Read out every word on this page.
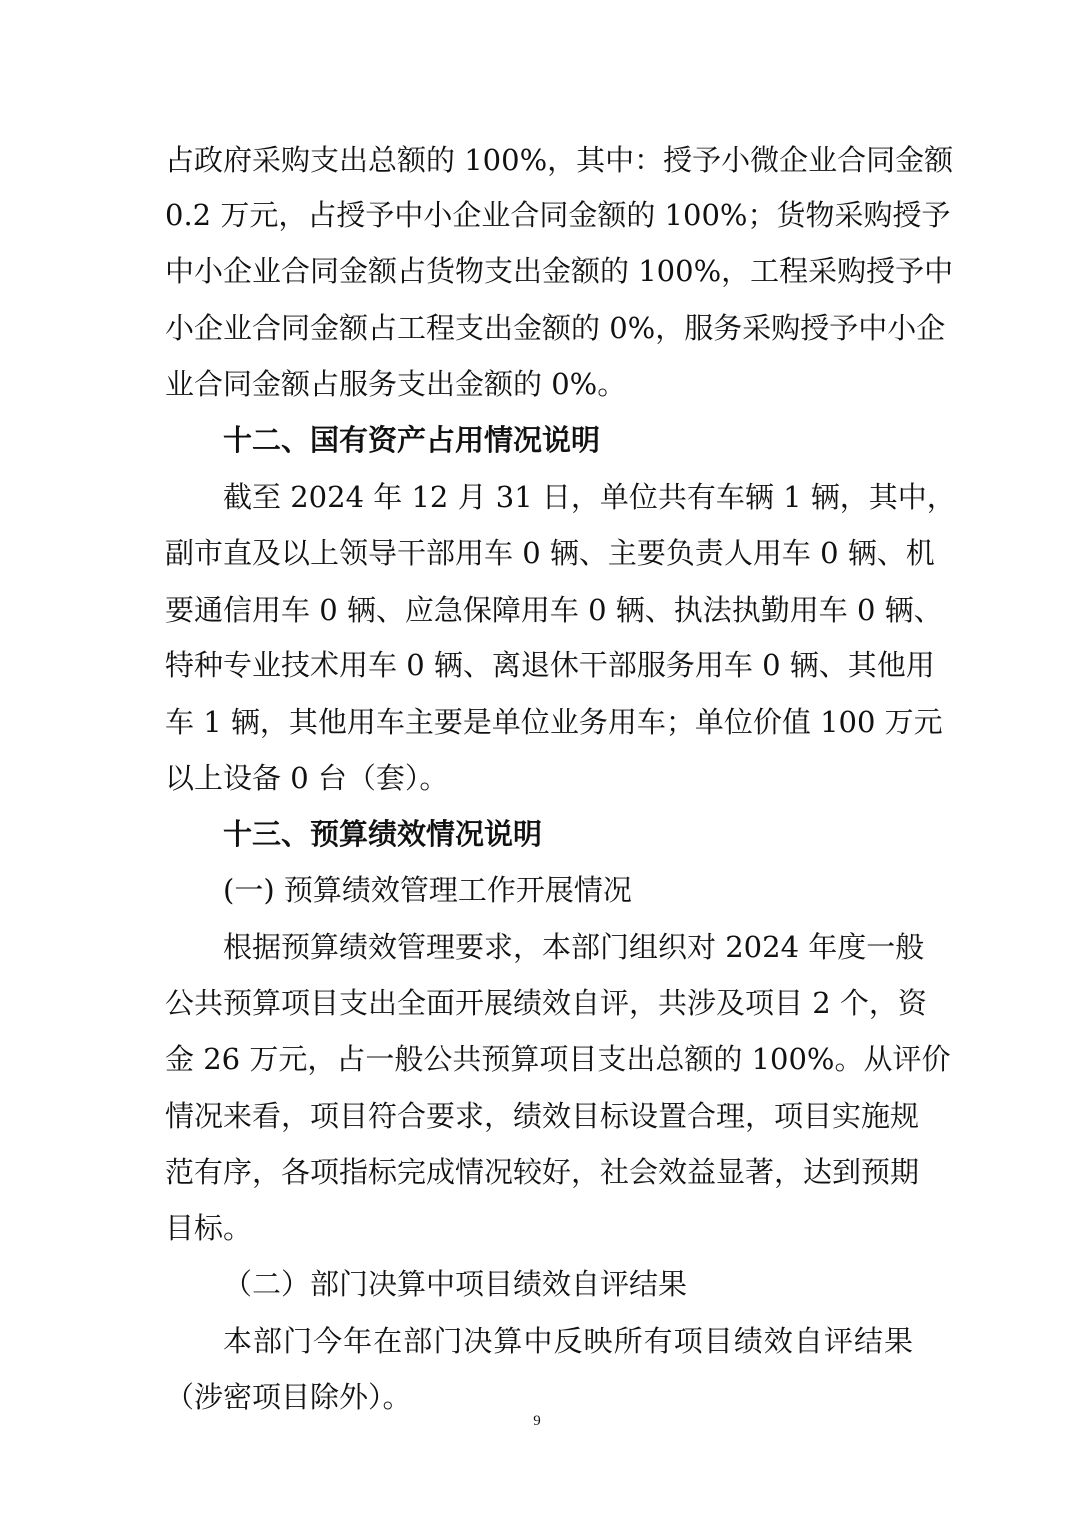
占政府采购支出总额的 100%，其中：授予小微企业合同金额
0.2 万元，占授予中小企业合同金额的 100%；货物采购授予
中小企业合同金额占货物支出金额的 100%，工程采购授予中
小企业合同金额占工程支出金额的 0%，服务采购授予中小企
业合同金额占服务支出金额的 0%。
十二、国有资产占用情况说明
截至 2024 年 12 月 31 日，单位共有车辆 1 辆，其中，
副市直及以上领导干部用车 0 辆、主要负责人用车 0 辆、机
要通信用车 0 辆、应急保障用车 0 辆、执法执勤用车 0 辆、
特种专业技术用车 0 辆、离退休干部服务用车 0 辆、其他用
车 1 辆，其他用车主要是单位业务用车；单位价值 100 万元
以上设备 0 台（套）。
十三、预算绩效情况说明
(一) 预算绩效管理工作开展情况
根据预算绩效管理要求，本部门组织对 2024 年度一般
公共预算项目支出全面开展绩效自评，共涉及项目 2 个，资
金 26 万元，占一般公共预算项目支出总额的 100%。从评价
情况来看，项目符合要求，绩效目标设置合理，项目实施规
范有序，各项指标完成情况较好，社会效益显著，达到预期
目标。
（二）部门决算中项目绩效自评结果
本部门今年在部门决算中反映所有项目绩效自评结果
（涉密项目除外）。
9
